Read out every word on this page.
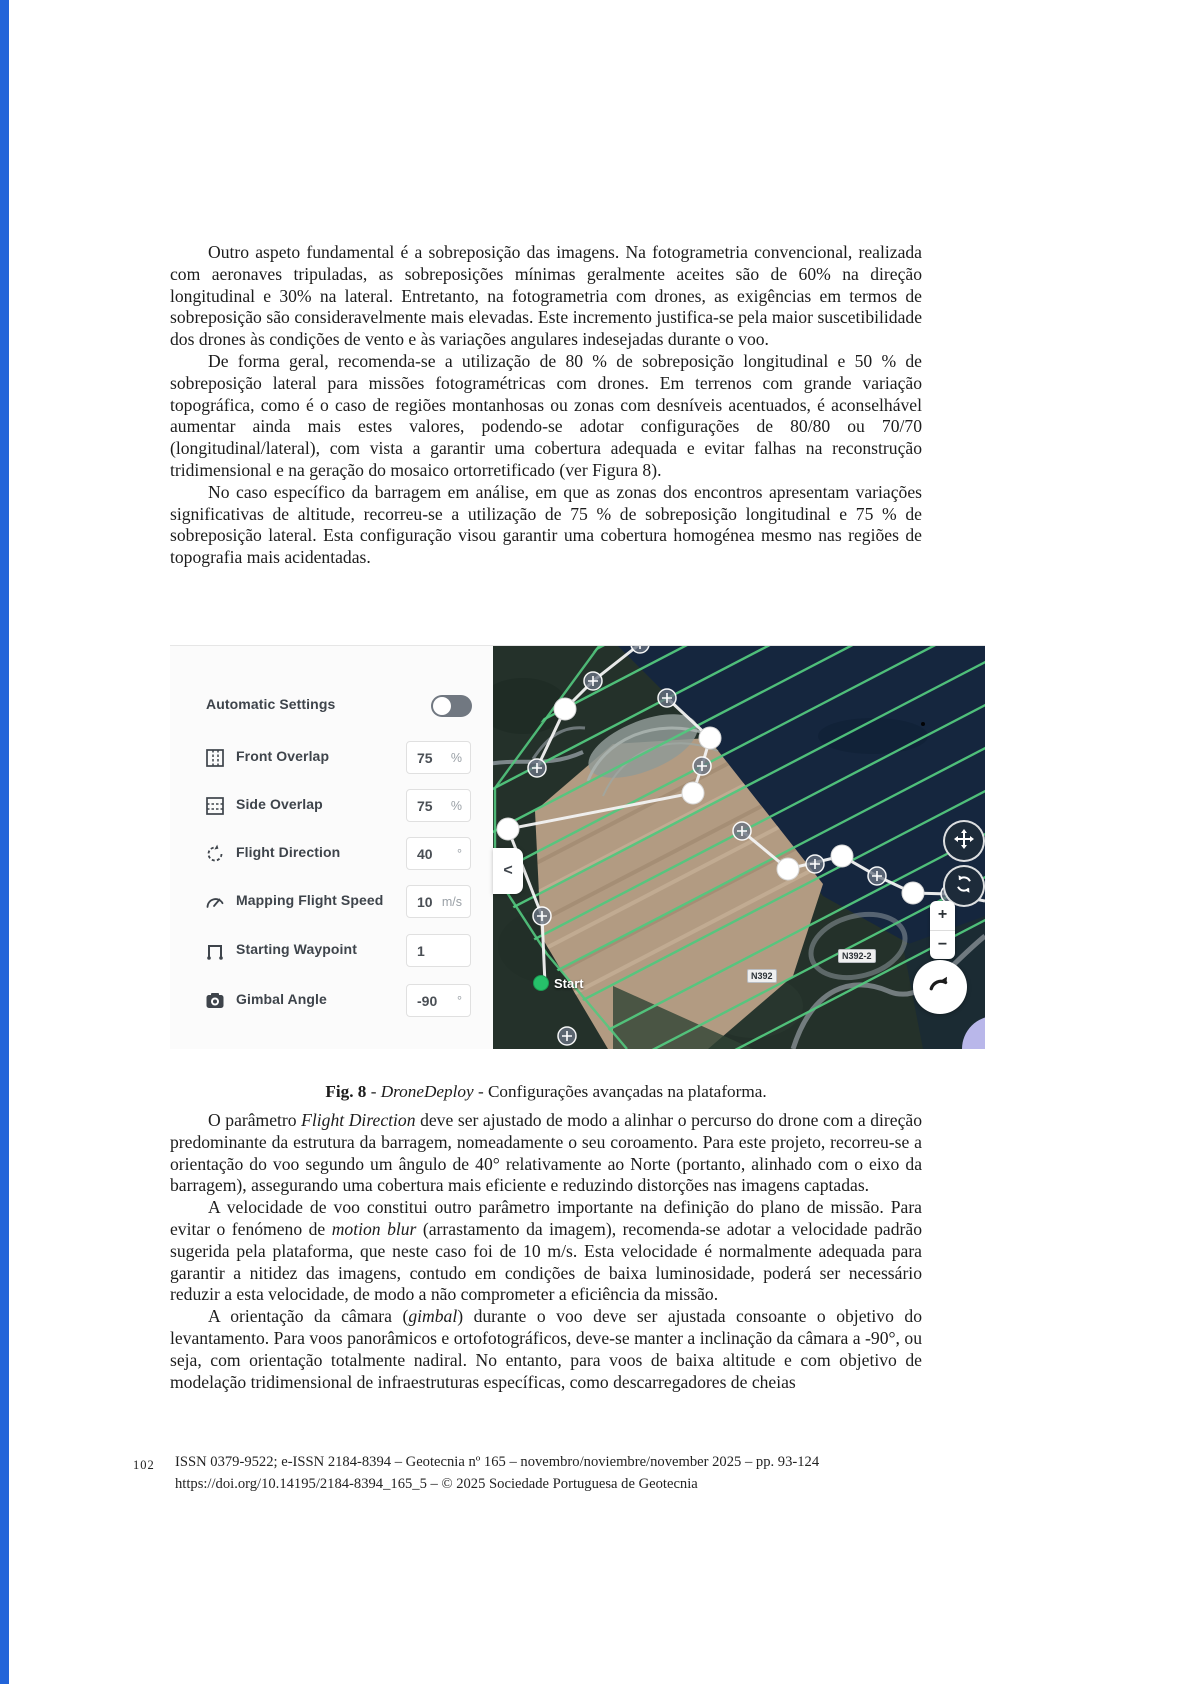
Outro aspeto fundamental é a sobreposição das imagens. Na fotogrametria convencional, realizada com aeronaves tripuladas, as sobreposições mínimas geralmente aceites são de 60% na direção longitudinal e 30% na lateral. Entretanto, na fotogrametria com drones, as exigências em termos de sobreposição são consideravelmente mais elevadas. Este incremento justifica-se pela maior suscetibilidade dos drones às condições de vento e às variações angulares indesejadas durante o voo.

De forma geral, recomenda-se a utilização de 80 % de sobreposição longitudinal e 50 % de sobreposição lateral para missões fotogramétricas com drones. Em terrenos com grande variação topográfica, como é o caso de regiões montanhosas ou zonas com desníveis acentuados, é aconselhável aumentar ainda mais estes valores, podendo-se adotar configurações de 80/80 ou 70/70 (longitudinal/lateral), com vista a garantir uma cobertura adequada e evitar falhas na reconstrução tridimensional e na geração do mosaico ortorretificado (ver Figura 8).

No caso específico da barragem em análise, em que as zonas dos encontros apresentam variações significativas de altitude, recorreu-se a utilização de 75 % de sobreposição longitudinal e 75 % de sobreposição lateral. Esta configuração visou garantir uma cobertura homogénea mesmo nas regiões de topografia mais acidentadas.

Automatic Settings
Front Overlap	75 %
Side Overlap	75 %
Flight Direction	40 °
Mapping Flight Speed 10 m/s
Starting Waypoint	1
Gimbal Angle	-90 °
<
N392-2
N392
Start
+
−
Fig. 8 - DroneDeploy - Configurações avançadas na plataforma.

O parâmetro Flight Direction deve ser ajustado de modo a alinhar o percurso do drone com a direção predominante da estrutura da barragem, nomeadamente o seu coroamento. Para este projeto, recorreu-se a orientação do voo segundo um ângulo de 40° relativamente ao Norte (portanto, alinhado com o eixo da barragem), assegurando uma cobertura mais eficiente e reduzindo distorções nas imagens captadas.

A velocidade de voo constitui outro parâmetro importante na definição do plano de missão. Para evitar o fenómeno de motion blur (arrastamento da imagem), recomenda-se adotar a velocidade padrão sugerida pela plataforma, que neste caso foi de 10 m/s. Esta velocidade é normalmente adequada para garantir a nitidez das imagens, contudo em condições de baixa luminosidade, poderá ser necessário reduzir a esta velocidade, de modo a não comprometer a eficiência da missão.

A orientação da câmara (gimbal) durante o voo deve ser ajustada consoante o objetivo do levantamento. Para voos panorâmicos e ortofotográficos, deve-se manter a inclinação da câmara a -90°, ou seja, com orientação totalmente nadiral. No entanto, para voos de baixa altitude e com objetivo de modelação tridimensional de infraestruturas específicas, como descarregadores de cheias

102 ISSN 0379-9522; e-ISSN 2184-8394 – Geotecnia nº 165 – novembro/noviembre/november 2025 – pp. 93-124
https://doi.org/10.14195/2184-8394_165_5 – © 2025 Sociedade Portuguesa de Geotecnia
